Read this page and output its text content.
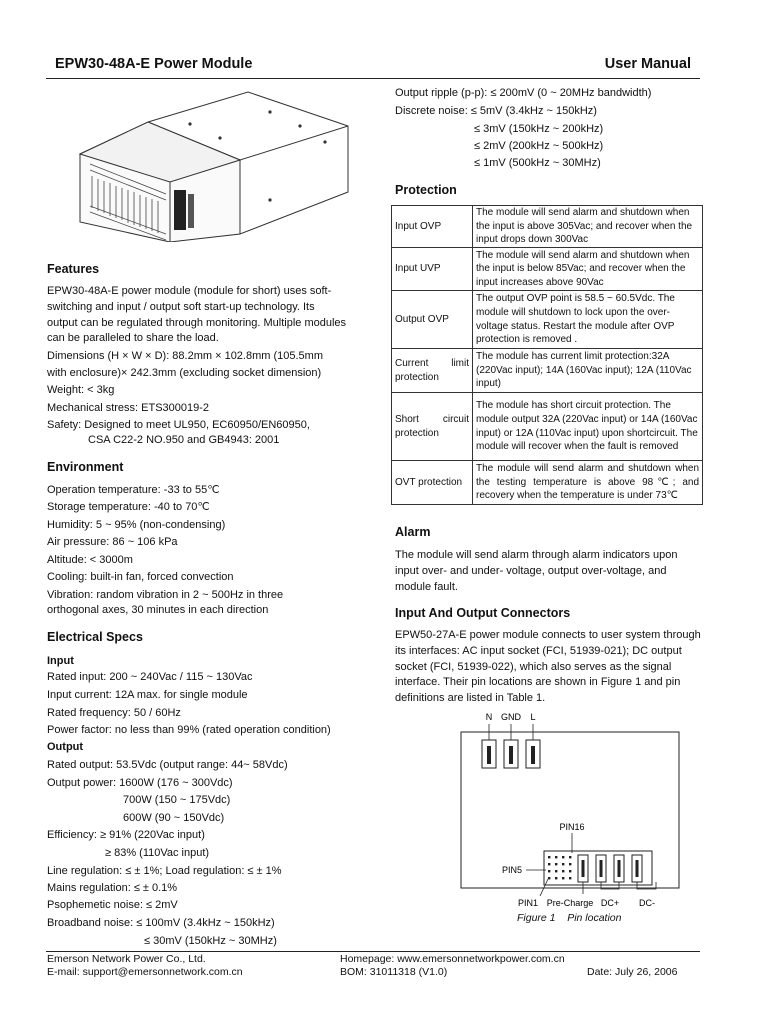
EPW30-48A-E Power Module	User Manual
Features
EPW30-48A-E power module (module for short) uses soft-switching and input / output soft start-up technology. Its output can be regulated through monitoring. Multiple modules can be paralleled to share the load.
Dimensions (H × W × D): 88.2mm × 102.8mm (105.5mm
with enclosure)× 242.3mm (excluding socket dimension)
Weight: < 3kg
Mechanical stress: ETS300019-2
Safety: Designed to meet UL950, EC60950/EN60950,
CSA C22-2 NO.950 and GB4943: 2001
Environment
Operation temperature: -33 to 55℃
Storage temperature: -40 to 70℃
Humidity: 5 ~ 95% (non-condensing)
Air pressure: 86 ~ 106 kPa
Altitude: < 3000m
Cooling: built-in fan, forced convection
Vibration: random vibration in 2 ~ 500Hz in three
orthogonal axes, 30 minutes in each direction
Electrical Specs
Input
Rated input: 200 ~ 240Vac / 115 ~ 130Vac
Input current: 12A max. for single module
Rated frequency: 50 / 60Hz
Power factor: no less than 99% (rated operation condition)
Output
Rated output: 53.5Vdc (output range: 44~ 58Vdc)
Output power: 1600W (176 ~ 300Vdc)
700W (150 ~ 175Vdc)
600W (90 ~ 150Vdc)
Efficiency: ≥ 91% (220Vac input)
≥ 83% (110Vac input)
Line regulation: ≤ ± 1%; Load regulation: ≤ ± 1%
Mains regulation: ≤ ± 0.1%
Psophemetic noise: ≤ 2mV
Broadband noise: ≤ 100mV (3.4kHz ~ 150kHz)
≤ 30mV (150kHz ~ 30MHz)
Output ripple (p-p): ≤ 200mV (0 ~ 20MHz bandwidth)
Discrete noise: ≤ 5mV (3.4kHz ~ 150kHz)
≤ 3mV (150kHz ~ 200kHz)
≤ 2mV (200kHz ~ 500kHz)
≤ 1mV (500kHz ~ 30MHz)
Protection
Input OVP	The module will send alarm and shutdown when the input is above 305Vac; and recover when the input drops down 300Vac
Input UVP	The module will send alarm and shutdown when the input is below 85Vac; and recover when the input increases above 90Vac
Output OVP	The output OVP point is 58.5 ~ 60.5Vdc. The module will shutdown to lock upon the over-voltage status. Restart the module after OVP protection is removed .
Current limit protection	The module has current limit protection:32A (220Vac input); 14A (160Vac input); 12A (110Vac input)
Short circuit protection	The module has short circuit protection. The module output 32A (220Vac input) or 14A (160Vac input) or 12A (110Vac input) upon shortcircuit. The module will recover when the fault is removed
OVT protection	The module will send alarm and shutdown when the testing temperature is above 98℃; and recovery when the temperature is under 73℃
Alarm
The module will send alarm through alarm indicators upon input over- and under- voltage, output over-voltage, and module fault.
Input And Output Connectors
EPW50-27A-E power module connects to user system through its interfaces: AC input socket (FCI, 51939-021); DC output socket (FCI, 51939-022), which also serves as the signal interface. Their pin locations are shown in Figure 1 and pin definitions are listed in Table 1.
N GND L
PIN16
PIN5
PIN1 Pre-Charge DC+ DC-
Figure 1    Pin location
Emerson Network Power Co., Ltd.
E-mail: support@emersonnetwork.com.cn
Homepage: www.emersonnetworkpower.com.cn
BOM: 31011318 (V1.0)	Date: July 26, 2006
